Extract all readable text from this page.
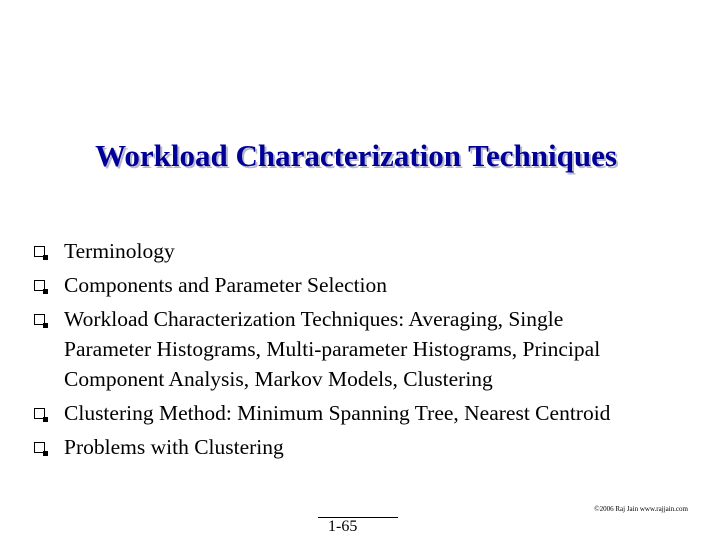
Workload Characterization Techniques
Terminology
Components and Parameter Selection
Workload Characterization Techniques: Averaging, Single
Parameter Histograms, Multi-parameter Histograms, Principal
Component Analysis, Markov Models, Clustering
Clustering Method: Minimum Spanning Tree, Nearest Centroid
Problems with Clustering
©2006 Raj Jain www.rajjain.com
1-65
